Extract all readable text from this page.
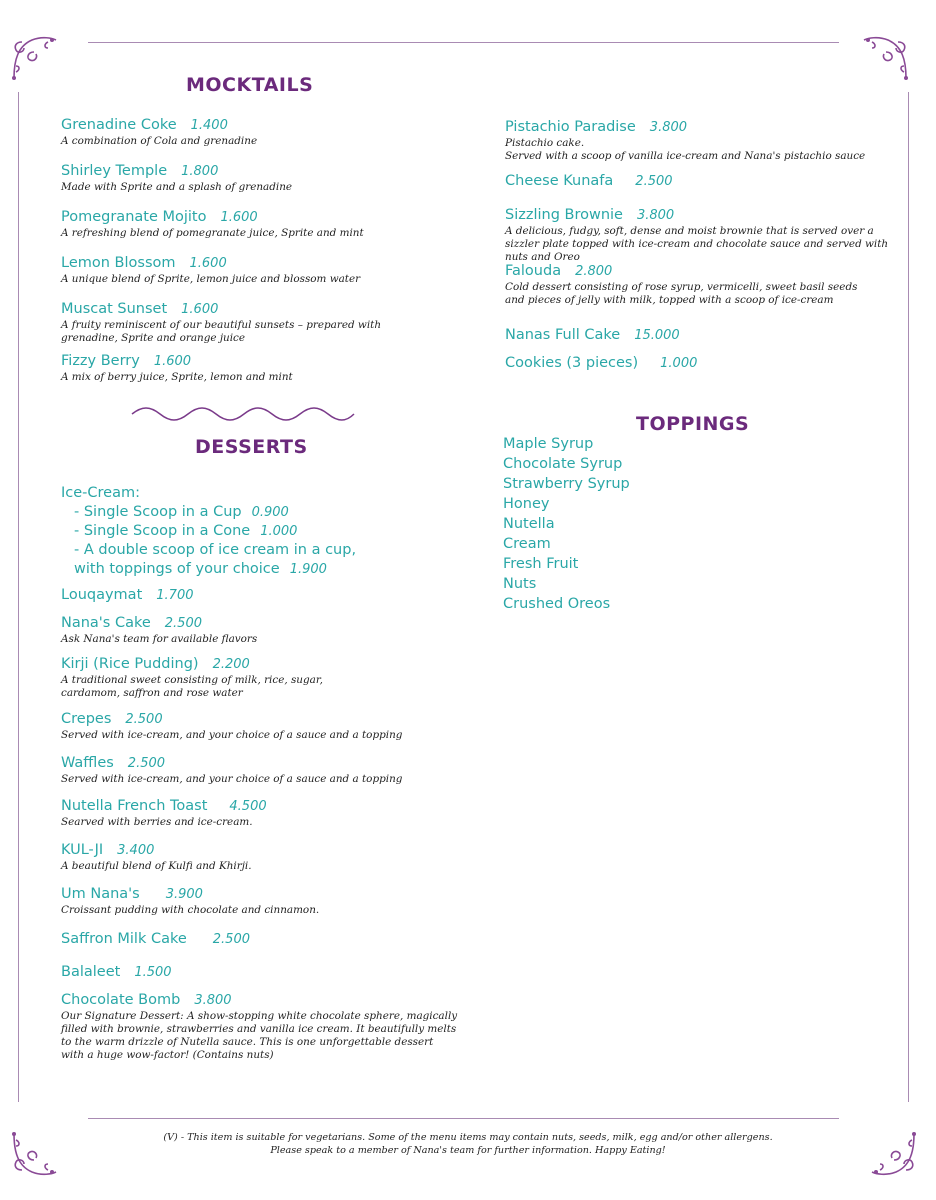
MOCKTAILS
Grenadine Coke 1.400

A combination of Cola and grenadine

Shirley Temple 1.800

Made with Sprite and a splash of grenadine

Pomegranate Mojito 1.600

A refreshing blend of pomegranate juice, Sprite and mint

Lemon Blossom 1.600

A unique blend of Sprite, lemon juice and blossom water

Muscat Sunset 1.600

A fruity reminiscent of our beautiful sunsets – prepared with grenadine, Sprite and orange juice

Fizzy Berry 1.600

A mix of berry juice, Sprite, lemon and mint

DESSERTS
Ice-Cream:
- Single Scoop in a Cup 0.900
- Single Scoop in a Cone 1.000
- A double scoop of ice cream in a cup,
with toppings of your choice 1.900
Louqaymat 1.700
Nana's Cake 2.500

Ask Nana's team for available flavors

Kirji (Rice Pudding) 2.200

A traditional sweet consisting of milk, rice, sugar, cardamom, saffron and rose water

Crepes 2.500

Served with ice-cream, and your choice of a sauce and a topping

Waffles 2.500

Served with ice-cream, and your choice of a sauce and a topping

Nutella French Toast 4.500

Searved with berries and ice-cream.

KUL-JI 3.400

A beautiful blend of Kulfi and Khirji.

Um Nana's 3.900

Croissant pudding with chocolate and cinnamon.

Saffron Milk Cake 2.500
Balaleet 1.500
Chocolate Bomb 3.800

Our Signature Dessert: A show-stopping white chocolate sphere, magically filled with brownie, strawberries and vanilla ice cream. It beautifully melts to the warm drizzle of Nutella sauce. This is one unforgettable dessert with a huge wow-factor! (Contains nuts)

Pistachio Paradise 3.800

Pistachio cake.

Served with a scoop of vanilla ice-cream and Nana's pistachio sauce

Cheese Kunafa 2.500
Sizzling Brownie 3.800

A delicious, fudgy, soft, dense and moist brownie that is served over a sizzler plate topped with ice-cream and chocolate sauce and served with nuts and Oreo

Falouda 2.800

Cold dessert consisting of rose syrup, vermicelli, sweet basil seeds and pieces of jelly with milk, topped with a scoop of ice-cream

Nanas Full Cake 15.000
Cookies (3 pieces) 1.000
TOPPINGS
Maple Syrup
Chocolate Syrup
Strawberry Syrup
Honey
Nutella
Cream
Fresh Fruit
Nuts
Crushed Oreos
(V) - This item is suitable for vegetarians. Some of the menu items may contain nuts, seeds, milk, egg and/or other allergens.
Please speak to a member of Nana's team for further information. Happy Eating!
